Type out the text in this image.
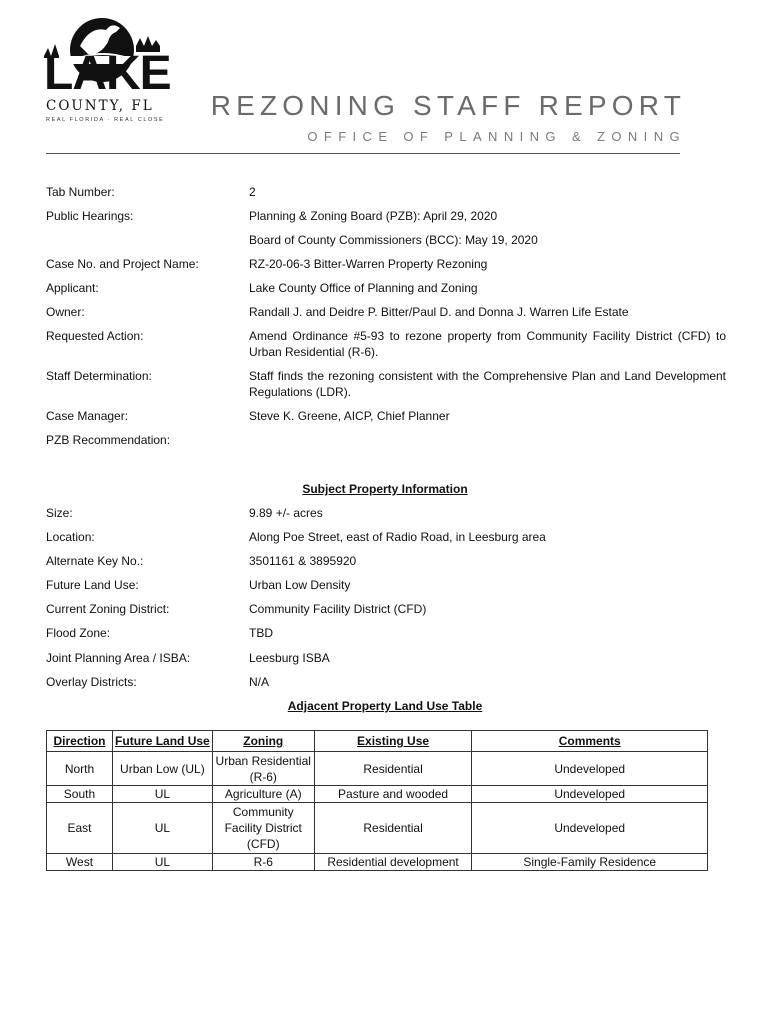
LAKE
COUNTY, FL
REAL FLORIDA · REAL CLOSE REZONING STAFF REPORT
OFFICE OF PLANNING & ZONING
Tab Number:	2
Public Hearings:	Planning & Zoning Board (PZB): April 29, 2020
Board of County Commissioners (BCC): May 19, 2020
Case No. and Project Name:	RZ-20-06-3 Bitter-Warren Property Rezoning
Applicant:	Lake County Office of Planning and Zoning
Owner:	Randall J. and Deidre P. Bitter/Paul D. and Donna J. Warren Life Estate
Requested Action:	Amend Ordinance #5-93 to rezone property from Community Facility District (CFD) to Urban Residential (R-6).
Staff Determination:	Staff finds the rezoning consistent with the Comprehensive Plan and Land Development Regulations (LDR).
Case Manager:	Steve K. Greene, AICP, Chief Planner
PZB Recommendation:
Subject Property Information
Size:	9.89 +/- acres
Location:	Along Poe Street, east of Radio Road, in Leesburg area
Alternate Key No.:	3501161 & 3895920
Future Land Use:	Urban Low Density
Current Zoning District:	Community Facility District (CFD)
Flood Zone:	TBD
Joint Planning Area / ISBA:	Leesburg ISBA
Overlay Districts:	N/A
Adjacent Property Land Use Table
Direction	Future Land Use	Zoning	Existing Use	Comments
North	Urban Low (UL)	Urban Residential (R-6)	Residential	Undeveloped
South	UL	Agriculture (A)	Pasture and wooded	Undeveloped
East	UL	Community Facility District (CFD)	Residential	Undeveloped
West	UL	R-6	Residential development	Single-Family Residence
